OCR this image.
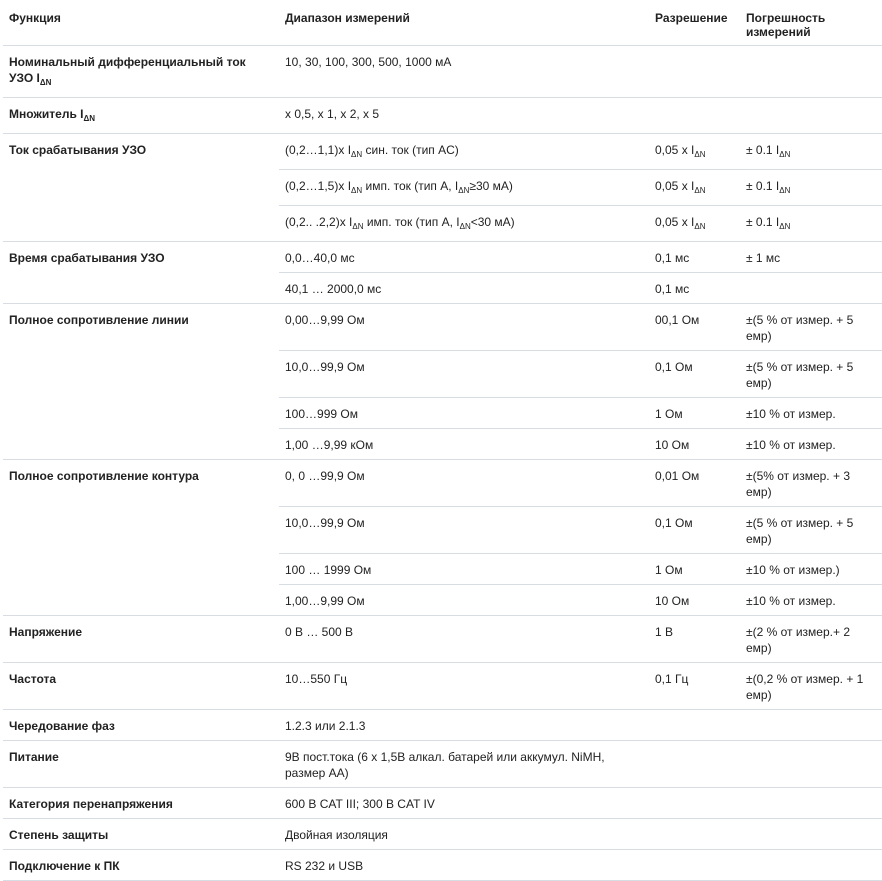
Функция	Диапазон измерений	Разрешение	Погрешность измерений
Номинальный дифференциальный ток УЗО $I_{\Delta N}$	10, 30, 100, 300, 500, 1000 мА		
Множитель $I_{\Delta N}$	x 0,5, x 1, x 2, x 5		
Ток срабатывания УЗО	(0,2…1,1)x $I_{\Delta N}$ син. ток (тип AC)	0,05 x $I_{\Delta N}$	± 0.1 $I_{\Delta N}$
	(0,2…1,5)x $I_{\Delta N}$ имп. ток (тип A, $I_{\Delta N}\ge 30$ мА)	0,05 x $I_{\Delta N}$	± 0.1 $I_{\Delta N}$
	(0,2.. .2,2)x $I_{\Delta N}$ имп. ток (тип A, $I_{\Delta N}<30$ мА)	0,05 x $I_{\Delta N}$	± 0.1 $I_{\Delta N}$
Время срабатывания УЗО	0,0…40,0 мс	0,1 мс	± 1 мс
	40,1 … 2000,0 мс	0,1 мс	
Полное сопротивление линии	0,00…9,99 Ом	00,1 Ом	±(5 % от измер. + 5 емр)
	10,0…99,9 Ом	0,1 Ом	±(5 % от измер. + 5 емр)
	100…999 Ом	1 Ом	±10 % от измер.
	1,00 …9,99 кОм	10 Ом	±10 % от измер.
Полное сопротивление контура	0, 0 …99,9 Ом	0,01 Ом	±(5% от измер. + 3 емр)
	10,0…99,9 Ом	0,1 Ом	±(5 % от измер. + 5 емр)
	100 … 1999 Ом	1 Ом	±10 % от измер.)
	1,00…9,99 Ом	10 Ом	±10 % от измер.
Напряжение	0 В … 500 В	1 В	±(2 % от измер.+ 2 емр)
Частота	10…550 Гц	0,1 Гц	±(0,2 % от измер. + 1 емр)
Чередование фаз	1.2.3 или 2.1.3		
Питание	9В пост.тока (6 x 1,5В алкал. батарей или аккумул. NiMH, размер AA)		
Категория перенапряжения	600 В CAT III; 300 В CAT IV		
Степень защиты	Двойная изоляция		
Подключение к ПК	RS 232 и USB		
